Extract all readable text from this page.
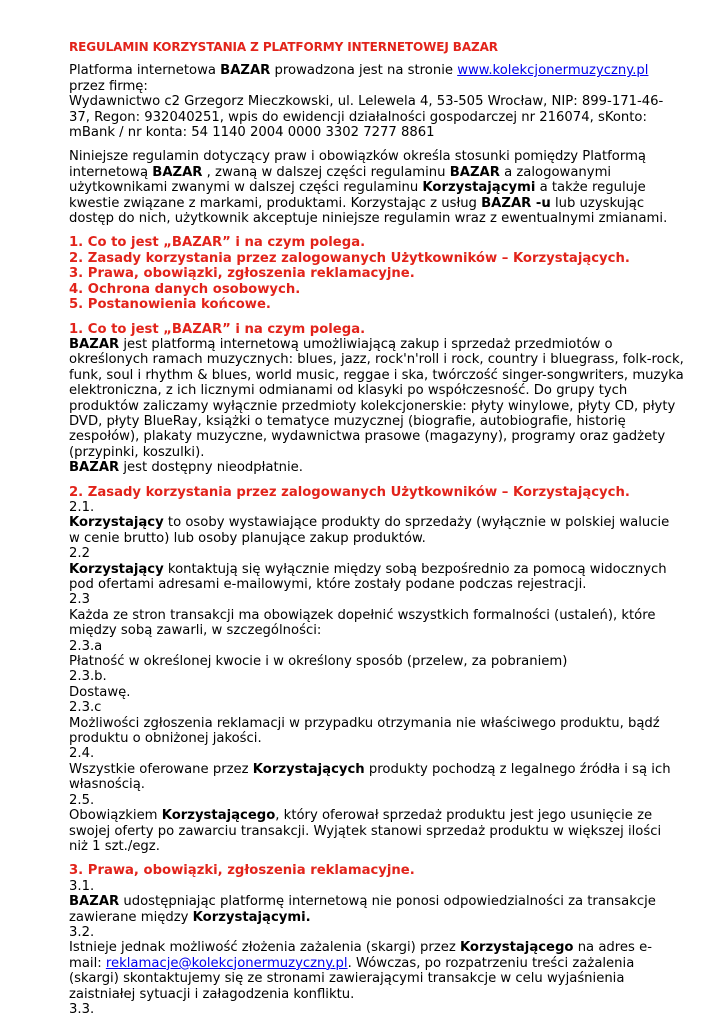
REGULAMIN KORZYSTANIA Z PLATFORMY INTERNETOWEJ BAZAR

Platforma internetowa BAZAR prowadzona jest na stronie www.kolekcjonermuzyczny.pl przez firmę:

Wydawnictwo c2 Grzegorz Mieczkowski, ul. Lelewela 4, 53-505 Wrocław, NIP: 899-171-46-37, Regon: 932040251, wpis do ewidencji działalności gospodarczej nr 216074, sKonto: mBank / nr konta: 54 1140 2004 0000 3302 7277 8861

Niniejsze regulamin dotyczący praw i obowiązków określa stosunki pomiędzy Platformą internetową BAZAR , zwaną w dalszej części regulaminu BAZAR a zalogowanymi użytkownikami zwanymi w dalszej części regulaminu Korzystającymi a także reguluje kwestie związane z markami, produktami. Korzystając z usług BAZAR -u lub uzyskując dostęp do nich, użytkownik akceptuje niniejsze regulamin wraz z ewentualnymi zmianami.

1. Co to jest „BAZAR” i na czym polega.
2. Zasady korzystania przez zalogowanych Użytkowników – Korzystających.
3. Prawa, obowiązki, zgłoszenia reklamacyjne.
4. Ochrona danych osobowych.
5. Postanowienia końcowe.
1. Co to jest „BAZAR” i na czym polega.

BAZAR jest platformą internetową umożliwiającą zakup i sprzedaż przedmiotów o określonych ramach muzycznych: blues, jazz, rock'n'roll i rock, country i bluegrass, folk-rock, funk, soul i rhythm & blues, world music, reggae i ska, twórczość singer-songwriters, muzyka elektroniczna, z ich licznymi odmianami od klasyki po współczesność. Do grupy tych produktów zaliczamy wyłącznie przedmioty kolekcjonerskie: płyty winylowe, płyty CD, płyty DVD, płyty BlueRay, książki o tematyce muzycznej (biografie, autobiografie, historię zespołów), plakaty muzyczne, wydawnictwa prasowe (magazyny), programy oraz gadżety (przypinki, koszulki).

BAZAR jest dostępny nieodpłatnie.

2. Zasady korzystania przez zalogowanych Użytkowników – Korzystających.

2.1.

Korzystający to osoby wystawiające produkty do sprzedaży (wyłącznie w polskiej walucie w cenie brutto) lub osoby planujące zakup produktów.

2.2

Korzystający kontaktują się wyłącznie między sobą bezpośrednio za pomocą widocznych pod ofertami adresami e-mailowymi, które zostały podane podczas rejestracji.

2.3

Każda ze stron transakcji ma obowiązek dopełnić wszystkich formalności (ustaleń), które między sobą zawarli, w szczególności:

2.3.a

Płatność w określonej kwocie i w określony sposób (przelew, za pobraniem)

2.3.b.

Dostawę.

2.3.c

Możliwości zgłoszenia reklamacji w przypadku otrzymania nie właściwego produktu, bądź produktu o obniżonej jakości.

2.4.

Wszystkie oferowane przez Korzystających produkty pochodzą z legalnego źródła i są ich własnością.

2.5.

Obowiązkiem Korzystającego, który oferował sprzedaż produktu jest jego usunięcie ze swojej oferty po zawarciu transakcji. Wyjątek stanowi sprzedaż produktu w większej ilości niż 1 szt./egz.

3. Prawa, obowiązki, zgłoszenia reklamacyjne.

3.1.

BAZAR udostępniając platformę internetową nie ponosi odpowiedzialności za transakcje zawierane między Korzystającymi.

3.2.

Istnieje jednak możliwość złożenia zażalenia (skargi) przez Korzystającego na adres e-mail: reklamacje@kolekcjonermuzyczny.pl. Wówczas, po rozpatrzeniu treści zażalenia (skargi) skontaktujemy się ze stronami zawierającymi transakcje w celu wyjaśnienia zaistniałej sytuacji i załagodzenia konfliktu.

3.3.
